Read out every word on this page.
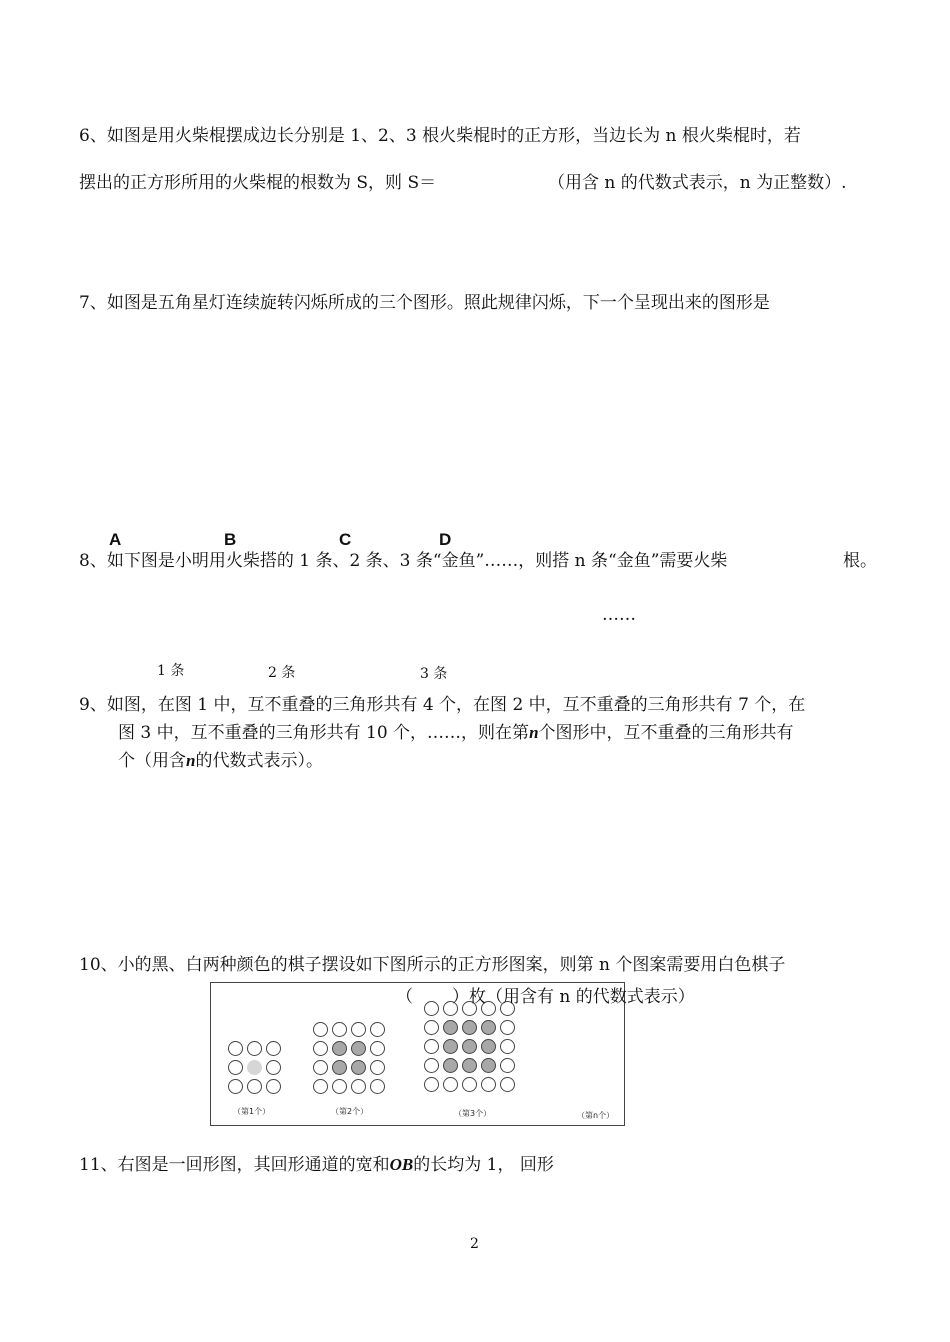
6、如图是用火柴棍摆成边长分别是 1、2、3 根火柴棍时的正方形，当边长为 n 根火柴棍时，若
摆出的正方形所用的火柴棍的根数为 S，则 S＝	（用含 n 的代数式表示，n 为正整数）.
7、如图是五角星灯连续旋转闪烁所成的三个图形。照此规律闪烁，下一个呈现出来的图形是
A	B	C	D
8、如下图是小明用火柴搭的 1 条、2 条、3 条“金鱼”……，则搭 n 条“金鱼”需要火柴	根。
……
1 条	2 条	3 条
9、如图，在图 1 中，互不重叠的三角形共有 4 个，在图 2 中，互不重叠的三角形共有 7 个，在
图 3 中，互不重叠的三角形共有 10 个，……，则在第n个图形中，互不重叠的三角形共有
个（用含n的代数式表示）。
10、小的黑、白两种颜色的棋子摆设如下图所示的正方形图案，则第 n 个图案需要用白色棋子
（第1个）	（第2个）	（第3个）	（第n个）
（ ）枚（用含有 n 的代数式表示）
11、右图是一回形图，其回形通道的宽和OB的长均为 1， 回形
2
